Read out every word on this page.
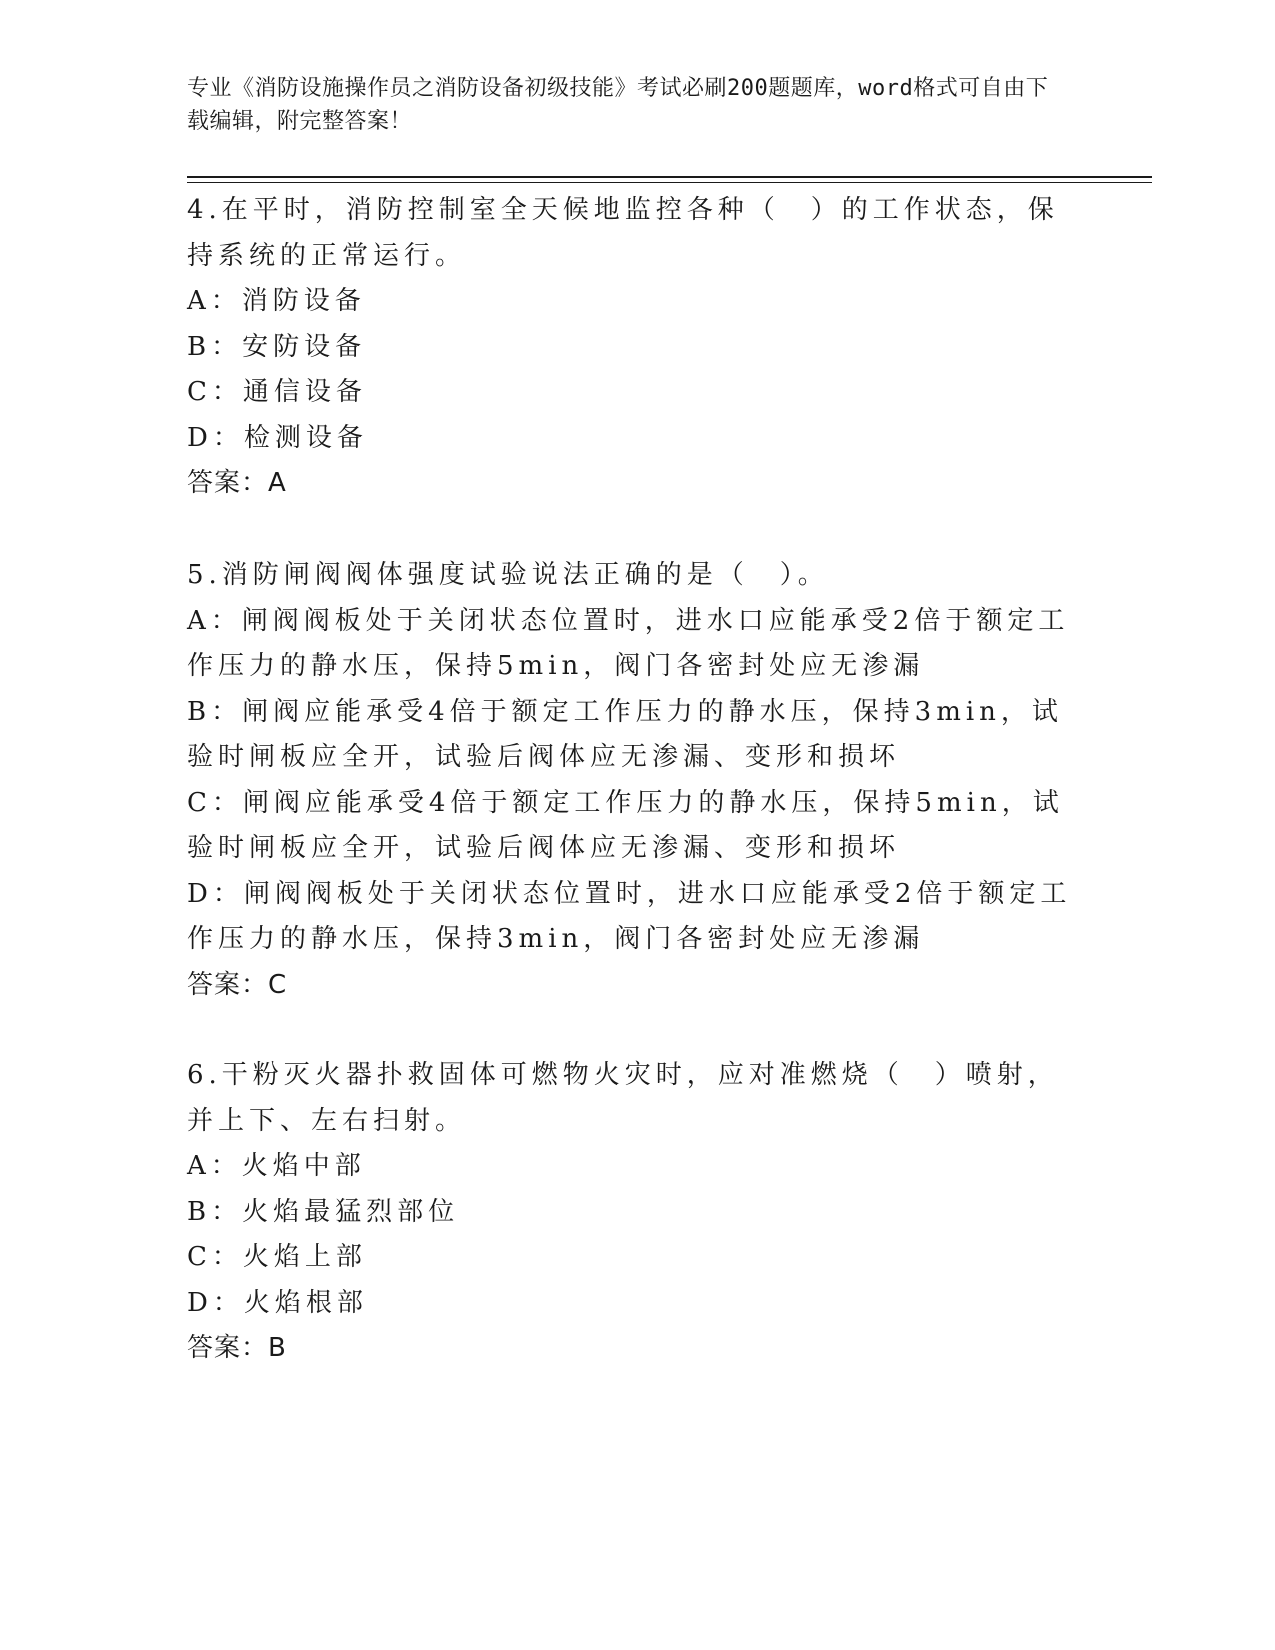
专业《消防设施操作员之消防设备初级技能》考试必刷200题题库，word格式可自由下载编辑，附完整答案！

4.在平时，消防控制室全天候地监控各种（　）的工作状态，保持系统的正常运行。

A：消防设备

B：安防设备

C：通信设备

D：检测设备

答案：A

5.消防闸阀阀体强度试验说法正确的是（　）。

A：闸阀阀板处于关闭状态位置时，进水口应能承受2倍于额定工作压力的静水压，保持5min，阀门各密封处应无渗漏

B：闸阀应能承受4倍于额定工作压力的静水压，保持3min，试验时闸板应全开，试验后阀体应无渗漏、变形和损坏

C：闸阀应能承受4倍于额定工作压力的静水压，保持5min，试验时闸板应全开，试验后阀体应无渗漏、变形和损坏

D：闸阀阀板处于关闭状态位置时，进水口应能承受2倍于额定工作压力的静水压，保持3min，阀门各密封处应无渗漏

答案：C

6.干粉灭火器扑救固体可燃物火灾时，应对准燃烧（　）喷射，并上下、左右扫射。

A：火焰中部

B：火焰最猛烈部位

C：火焰上部

D：火焰根部

答案：B
